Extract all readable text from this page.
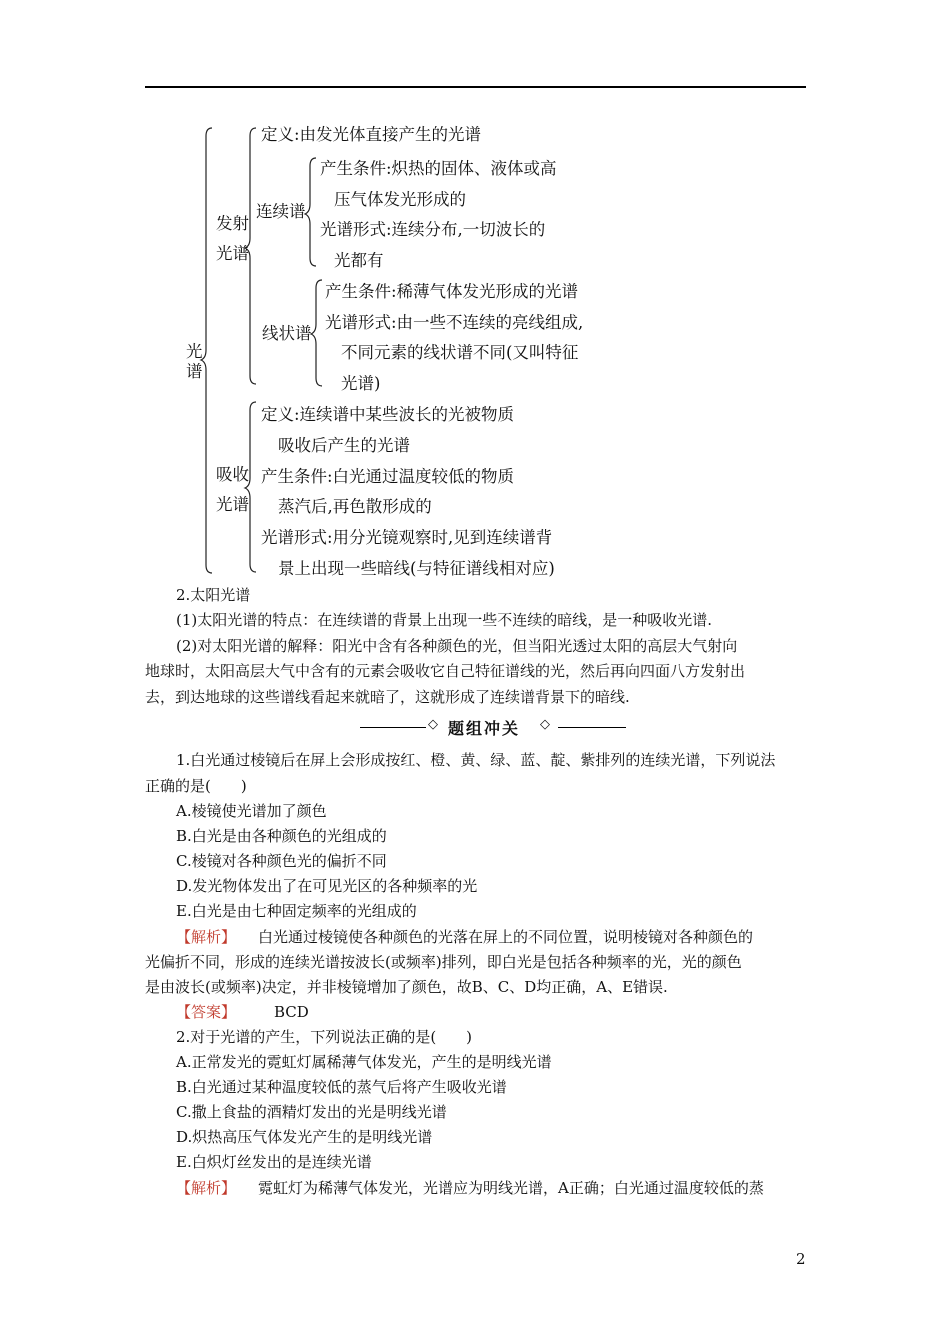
光
谱
发射
光谱
定义:由发光体直接产生的光谱
连续谱
产生条件:炽热的固体、液体或高
压气体发光形成的
光谱形式:连续分布,一切波长的
光都有
线状谱
产生条件:稀薄气体发光形成的光谱
光谱形式:由一些不连续的亮线组成,
不同元素的线状谱不同(又叫特征
光谱)
吸收
光谱
定义:连续谱中某些波长的光被物质
吸收后产生的光谱
产生条件:白光通过温度较低的物质
蒸汽后,再色散形成的
光谱形式:用分光镜观察时,见到连续谱背
景上出现一些暗线(与特征谱线相对应)
2.太阳光谱
(1)太阳光谱的特点：在连续谱的背景上出现一些不连续的暗线，是一种吸收光谱.
(2)对太阳光谱的解释：阳光中含有各种颜色的光，但当阳光透过太阳的高层大气射向
地球时，太阳高层大气中含有的元素会吸收它自己特征谱线的光，然后再向四面八方发射出
去，到达地球的这些谱线看起来就暗了，这就形成了连续谱背景下的暗线.
◇ 题组冲关 ◇
1.白光通过棱镜后在屏上会形成按红、橙、黄、绿、蓝、靛、紫排列的连续光谱，下列说法
正确的是(　　)
A.棱镜使光谱加了颜色
B.白光是由各种颜色的光组成的
C.棱镜对各种颜色光的偏折不同
D.发光物体发出了在可见光区的各种频率的光
E.白光是由七种固定频率的光组成的
【解析】 白光通过棱镜使各种颜色的光落在屏上的不同位置，说明棱镜对各种颜色的
光偏折不同，形成的连续光谱按波长(或频率)排列，即白光是包括各种频率的光，光的颜色
是由波长(或频率)决定，并非棱镜增加了颜色，故B、C、D均正确，A、E错误.
【答案】	BCD
2.对于光谱的产生，下列说法正确的是(　　)
A.正常发光的霓虹灯属稀薄气体发光，产生的是明线光谱
B.白光通过某种温度较低的蒸气后将产生吸收光谱
C.撒上食盐的酒精灯发出的光是明线光谱
D.炽热高压气体发光产生的是明线光谱
E.白炽灯丝发出的是连续光谱
【解析】 霓虹灯为稀薄气体发光，光谱应为明线光谱，A正确；白光通过温度较低的蒸
2
